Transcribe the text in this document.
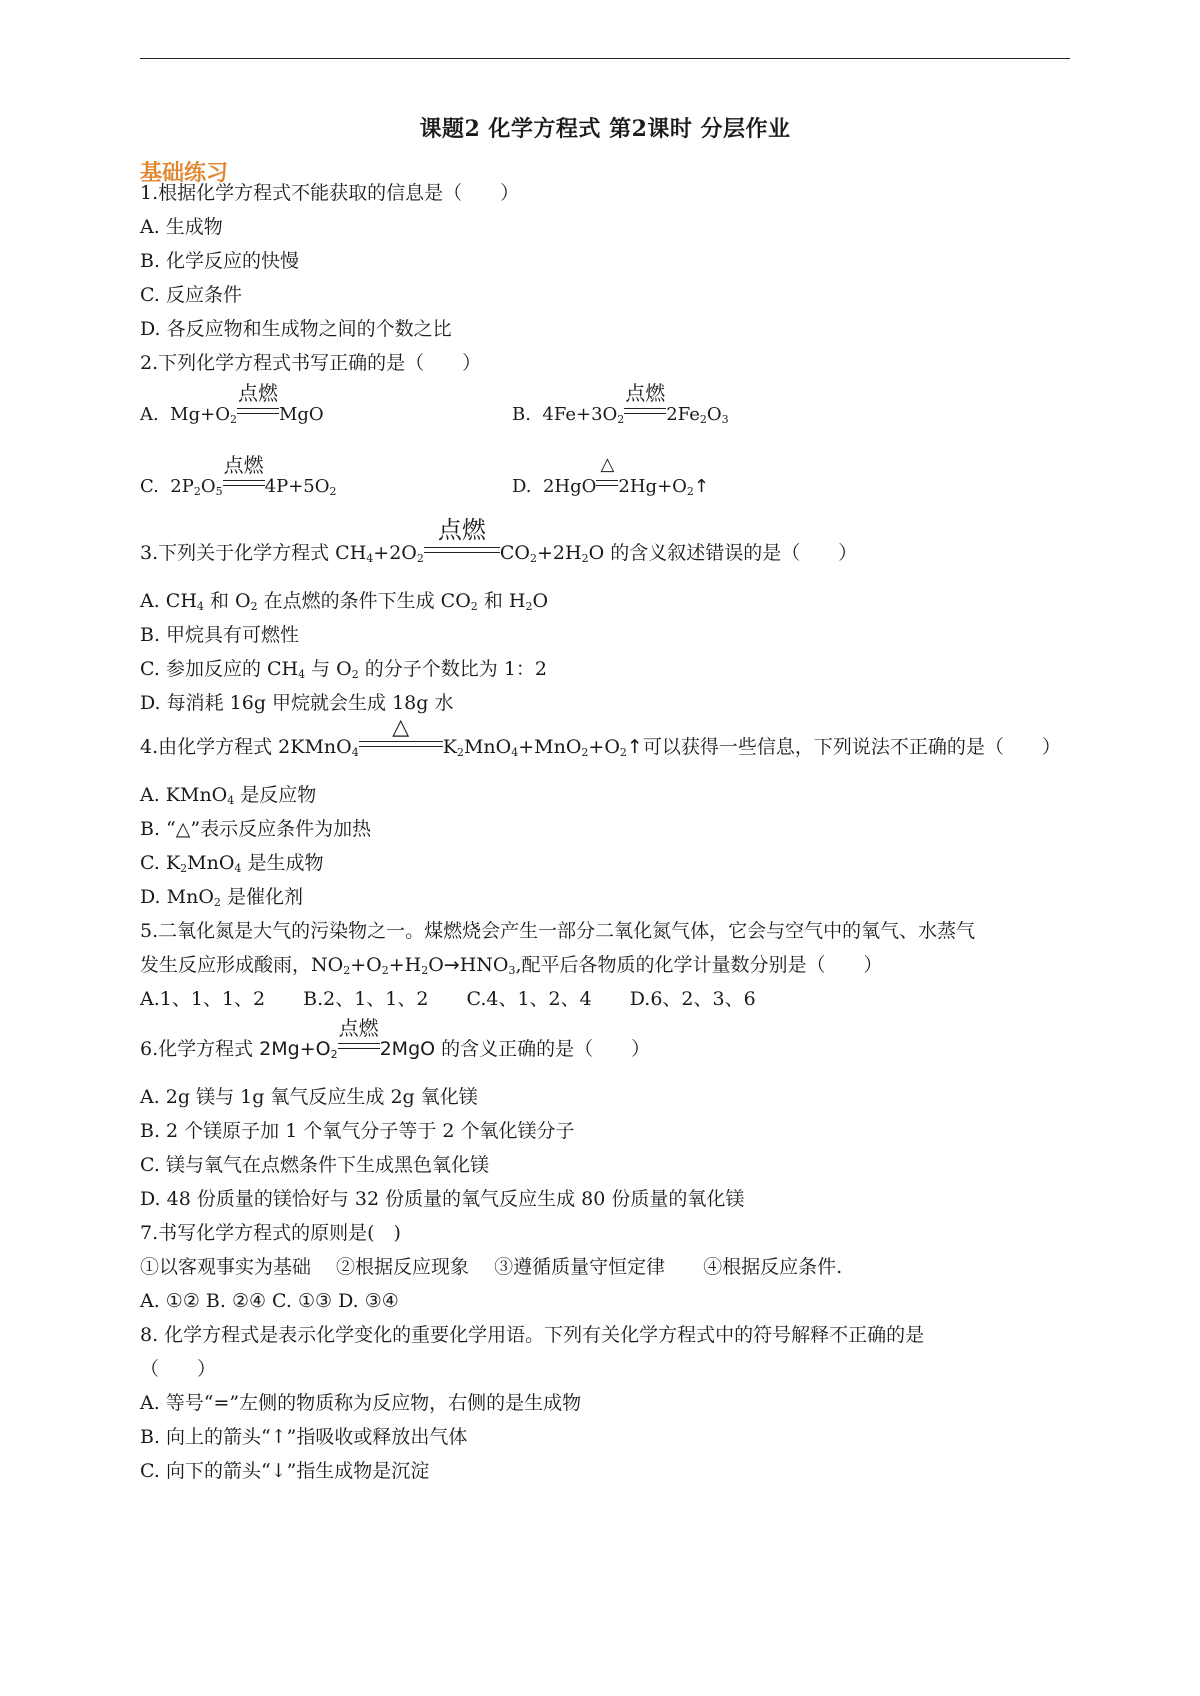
课题2 化学方程式 第2课时 分层作业
基础练习
1.根据化学方程式不能获取的信息是（　　）
A. 生成物
B. 化学反应的快慢
C. 反应条件
D. 各反应物和生成物之间的个数之比
2.下列化学方程式书写正确的是（　　）
A.  $Mg+O_2$
点燃
MgO	B.  $4Fe+3O_2$
点燃
$2Fe_2O_3$
C.  $2P_2O_5$
点燃
$4P+5O_2$	D.  2HgO
△
$2Hg+O_2↑$
3.下列关于化学方程式 $CH_4+2O_2$
点燃
$CO_2+2H_2O$ 的含义叙述错误的是（　　）
A. $CH_4$ 和 $O_2$ 在点燃的条件下生成 $CO_2$ 和 $H_2O$
B. 甲烷具有可燃性
C. 参加反应的 $CH_4$ 与 $O_2$ 的分子个数比为 1：2
D. 每消耗 16g 甲烷就会生成 18g 水
4.由化学方程式 2KMnO$_4$
△
$K_2MnO_4+MnO_2+O_2↑$可以获得一些信息，下列说法不正确的是（　　）
A. KMnO$_4$ 是反应物
B. “△”表示反应条件为加热
C. $K_2MnO_4$ 是生成物
D. MnO$_2$ 是催化剂
5.二氧化氮是大气的污染物之一。煤燃烧会产生一部分二氧化氮气体，它会与空气中的氧气、水蒸气
发生反应形成酸雨，$NO_2+O_2+H_2O\to HNO_3$,配平后各物质的化学计量数分别是（　　）
A.1、1、1、2　　B.2、1、1、2　　C.4、1、2、4　　D.6、2、3、6
6.化学方程式 $2Mg+O_2$
点燃
2MgO 的含义正确的是（　　）
A. 2g 镁与 1g 氧气反应生成 2g 氧化镁
B. 2 个镁原子加 1 个氧气分子等于 2 个氧化镁分子
C. 镁与氧气在点燃条件下生成黑色氧化镁
D. 48 份质量的镁恰好与 32 份质量的氧气反应生成 80 份质量的氧化镁
7.书写化学方程式的原则是(　)
①以客观事实为基础　 ②根据反应现象　 ③遵循质量守恒定律　　④根据反应条件.
A. ①② B. ②④ C. ①③ D. ③④
8. 化学方程式是表示化学变化的重要化学用语。下列有关化学方程式中的符号解释不正确的是
（　　）
A. 等号“=”左侧的物质称为反应物，右侧的是生成物
B. 向上的箭头“↑”指吸收或释放出气体
C. 向下的箭头“↓”指生成物是沉淀
